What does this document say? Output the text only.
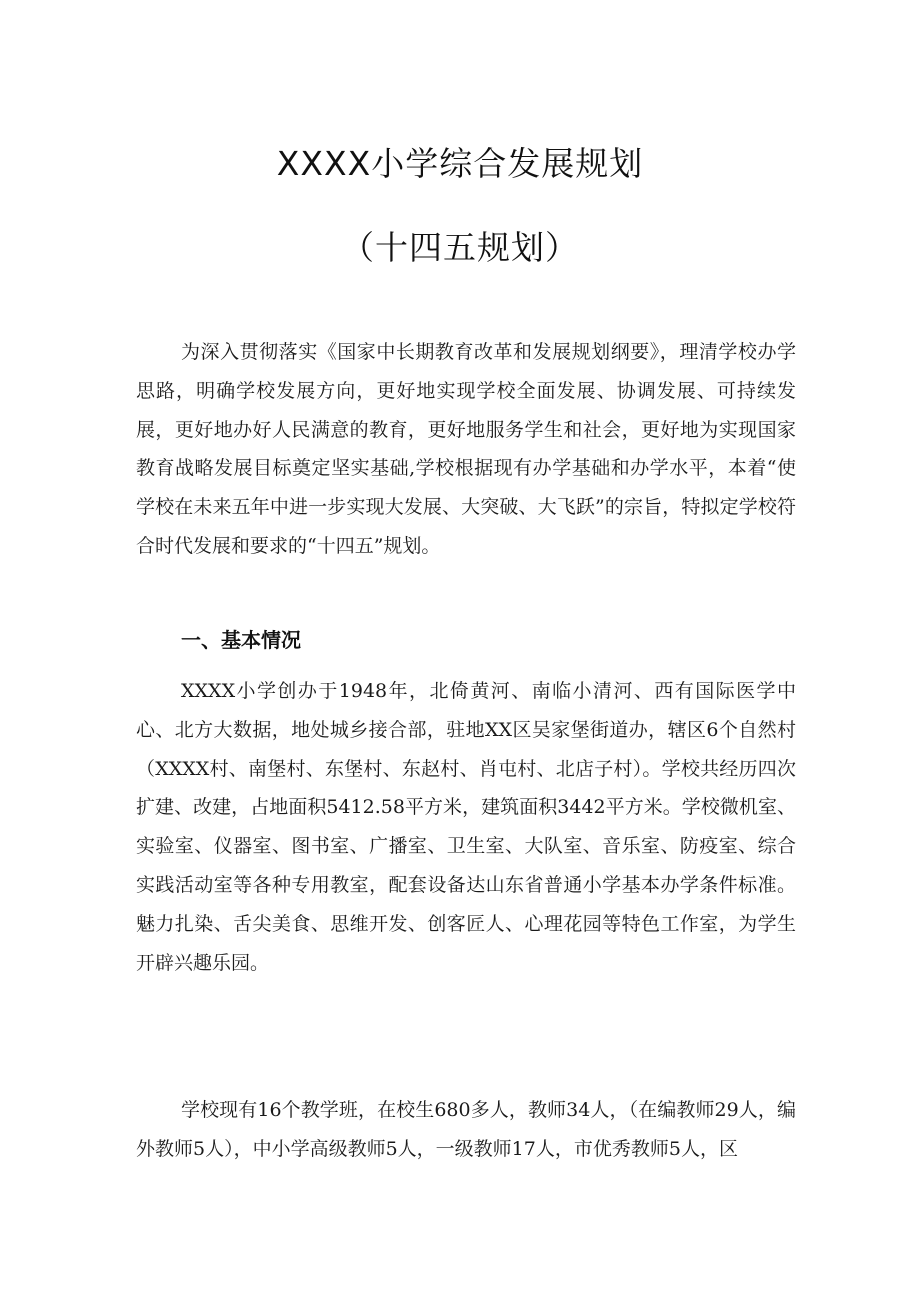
XXXX小学综合发展规划
（十四五规划）

为深入贯彻落实《国家中长期教育改革和发展规划纲要》，理清学校办学思路，明确学校发展方向，更好地实现学校全面发展、协调发展、可持续发展，更好地办好人民满意的教育，更好地服务学生和社会，更好地为实现国家教育战略发展目标奠定坚实基础,学校根据现有办学基础和办学水平，本着“使学校在未来五年中进一步实现大发展、大突破、大飞跃”的宗旨，特拟定学校符合时代发展和要求的“十四五”规划。

一、基本情况

XXXX小学创办于1948年，北倚黄河、南临小清河、西有国际医学中心、北方大数据，地处城乡接合部，驻地XX区吴家堡街道办，辖区6个自然村（XXXX村、南堡村、东堡村、东赵村、肖屯村、北店子村）。学校共经历四次扩建、改建，占地面积5412.58平方米，建筑面积3442平方米。学校微机室、实验室、仪器室、图书室、广播室、卫生室、大队室、音乐室、防疫室、综合实践活动室等各种专用教室，配套设备达山东省普通小学基本办学条件标准。魅力扎染、舌尖美食、思维开发、创客匠人、心理花园等特色工作室，为学生开辟兴趣乐园。

学校现有16个教学班，在校生680多人，教师34人，（在编教师29人，编外教师5人），中小学高级教师5人，一级教师17人，市优秀教师5人，区
